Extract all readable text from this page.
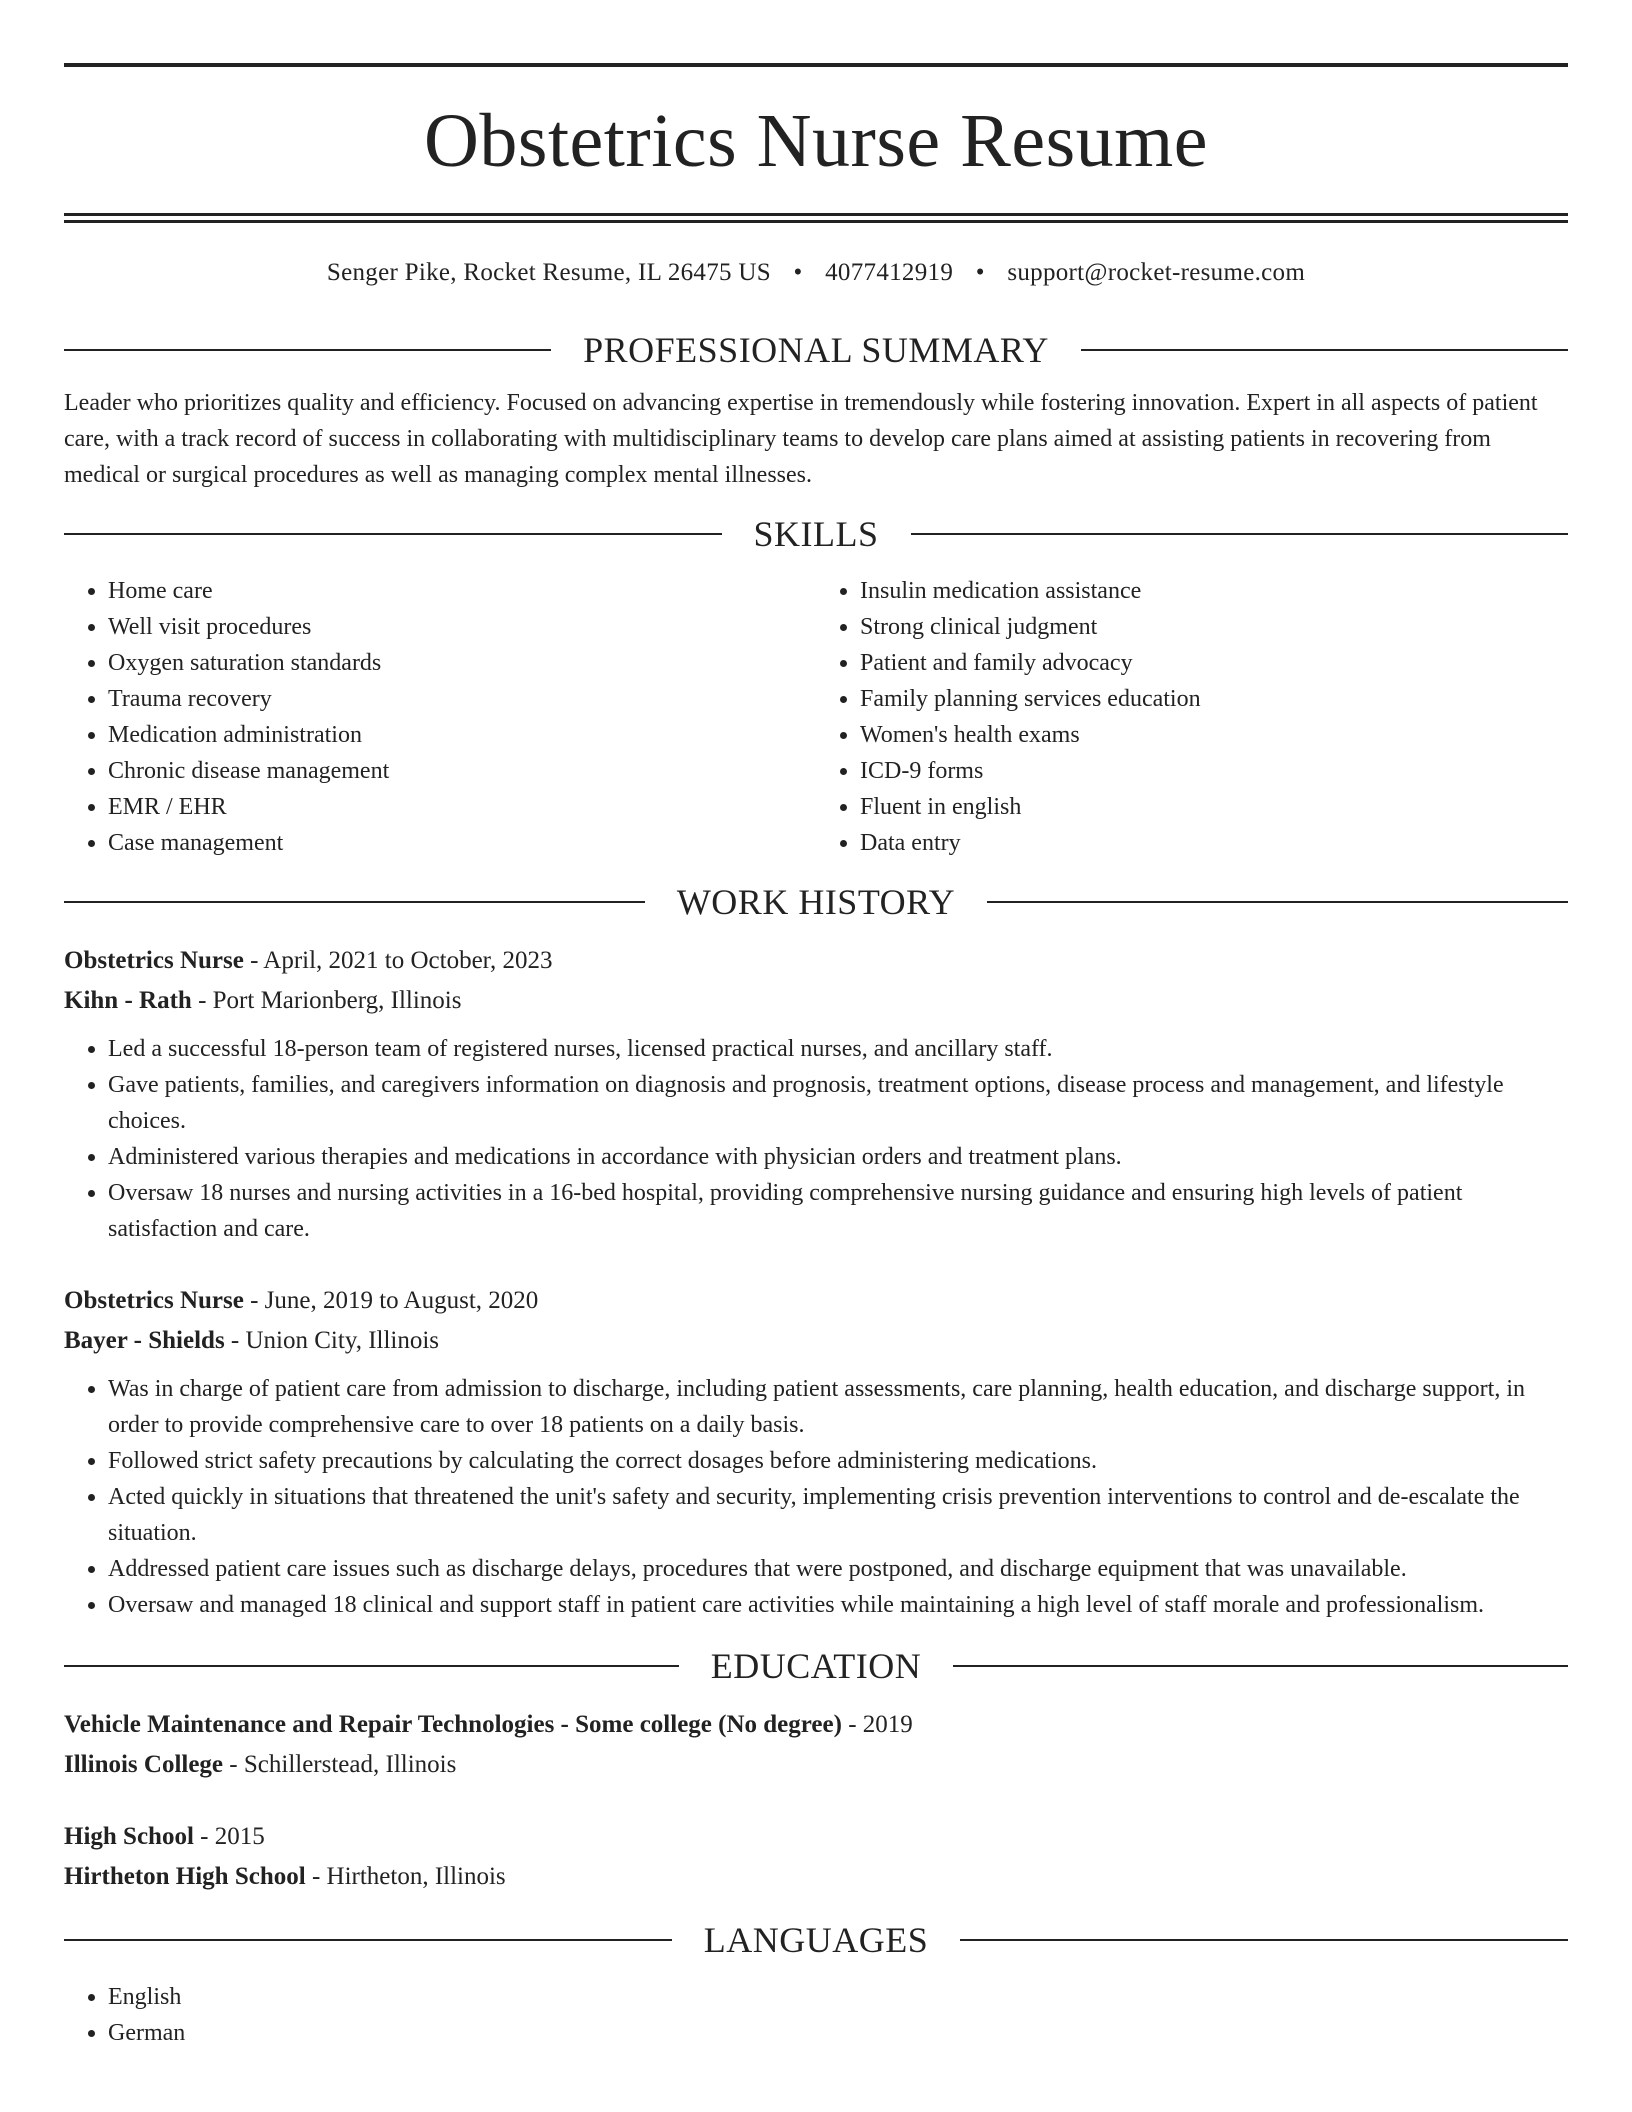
Obstetrics Nurse Resume
Senger Pike, Rocket Resume, IL 26475 US • 4077412919 • support@rocket-resume.com
PROFESSIONAL SUMMARY

Leader who prioritizes quality and efficiency. Focused on advancing expertise in tremendously while fostering innovation. Expert in all aspects of patient care, with a track record of success in collaborating with multidisciplinary teams to develop care plans aimed at assisting patients in recovering from medical or surgical procedures as well as managing complex mental illnesses.

SKILLS
• Home care
• Well visit procedures
• Oxygen saturation standards
• Trauma recovery
• Medication administration
• Chronic disease management
• EMR / EHR
• Case management
• Insulin medication assistance
• Strong clinical judgment
• Patient and family advocacy
• Family planning services education
• Women's health exams
• ICD-9 forms
• Fluent in english
• Data entry
WORK HISTORY
Obstetrics Nurse - April, 2021 to October, 2023
Kihn - Rath - Port Marionberg, Illinois
• Led a successful 18-person team of registered nurses, licensed practical nurses, and ancillary staff.
• Gave patients, families, and caregivers information on diagnosis and prognosis, treatment options, disease process and management, and lifestyle choices.
• Administered various therapies and medications in accordance with physician orders and treatment plans.
• Oversaw 18 nurses and nursing activities in a 16-bed hospital, providing comprehensive nursing guidance and ensuring high levels of patient satisfaction and care.
Obstetrics Nurse - June, 2019 to August, 2020
Bayer - Shields - Union City, Illinois
• Was in charge of patient care from admission to discharge, including patient assessments, care planning, health education, and discharge support, in order to provide comprehensive care to over 18 patients on a daily basis.
• Followed strict safety precautions by calculating the correct dosages before administering medications.
• Acted quickly in situations that threatened the unit's safety and security, implementing crisis prevention interventions to control and de-escalate the situation.
• Addressed patient care issues such as discharge delays, procedures that were postponed, and discharge equipment that was unavailable.
• Oversaw and managed 18 clinical and support staff in patient care activities while maintaining a high level of staff morale and professionalism.
EDUCATION
Vehicle Maintenance and Repair Technologies - Some college (No degree) - 2019
Illinois College - Schillerstead, Illinois
High School - 2015
Hirtheton High School - Hirtheton, Illinois
LANGUAGES
• English
• German
